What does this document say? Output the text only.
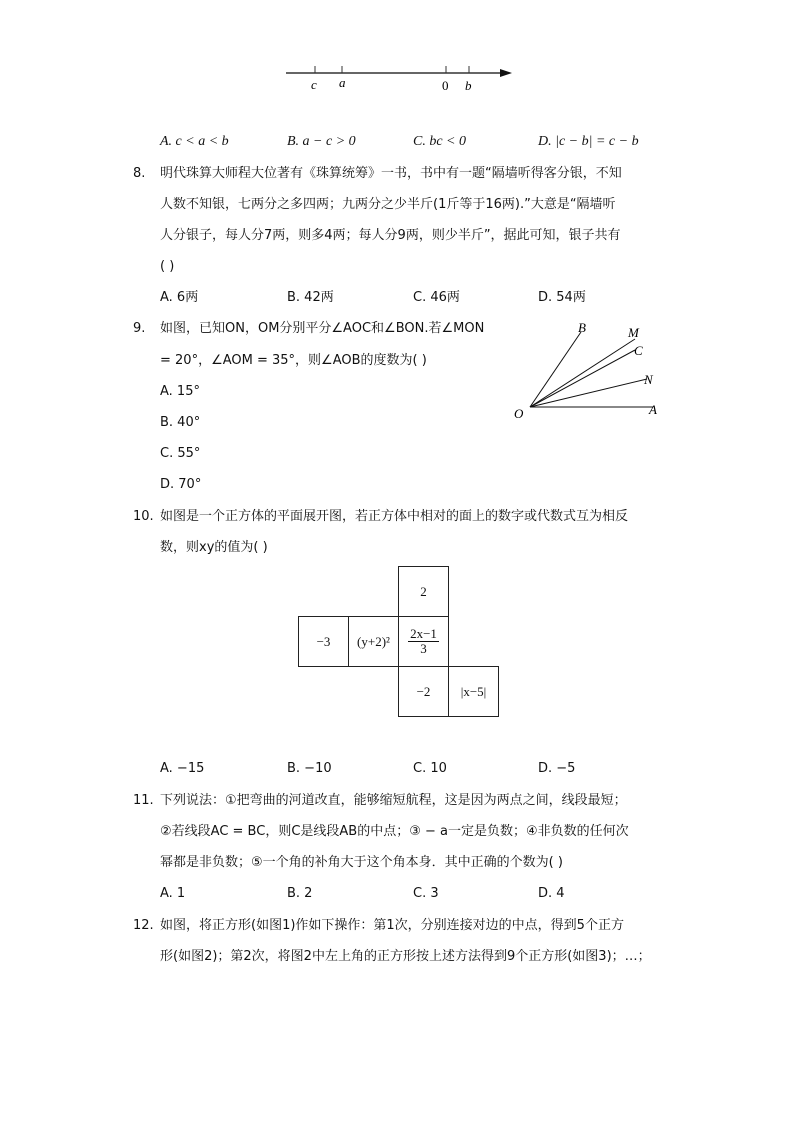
c a	0 b
A. c < a < b	B. a − c > 0	C. bc < 0	D. |c − b| = c − b
8. 明代珠算大师程大位著有《珠算统筹》一书，书中有一题“隔墙听得客分银，不知
人数不知银，七两分之多四两；九两分之少半斤(1斤等于16两).”大意是“隔墙听
人分银子，每人分7两，则多4两；每人分9两，则少半斤”，据此可知，银子共有
( )
A. 6两	B. 42两	C. 46两	D. 54两
9. 如图，已知ON，OM分别平分∠AOC和∠BON.若∠MON
= 20°，∠AOM = 35°，则∠AOB的度数为( )
A. 15°
B. 40°
C. 55°
D. 70°
B	M
C
N
O	A
10. 如图是一个正方体的平面展开图，若正方体中相对的面上的数字或代数式互为相反
数，则xy的值为( )
2
−3 $(y+2)^2 \frac{2x-1}{3}$
−2 |x−5|
A. −15	B. −10	C. 10	D. −5
11. 下列说法：①把弯曲的河道改直，能够缩短航程，这是因为两点之间，线段最短；
②若线段AC = BC，则C是线段AB的中点；③ − a一定是负数；④非负数的任何次
幂都是非负数；⑤一个角的补角大于这个角本身．其中正确的个数为( )
A. 1	B. 2	C. 3	D. 4
12. 如图，将正方形(如图1)作如下操作：第1次，分别连接对边的中点，得到5个正方
形(如图2)；第2次，将图2中左上角的正方形按上述方法得到9个正方形(如图3)；…；
